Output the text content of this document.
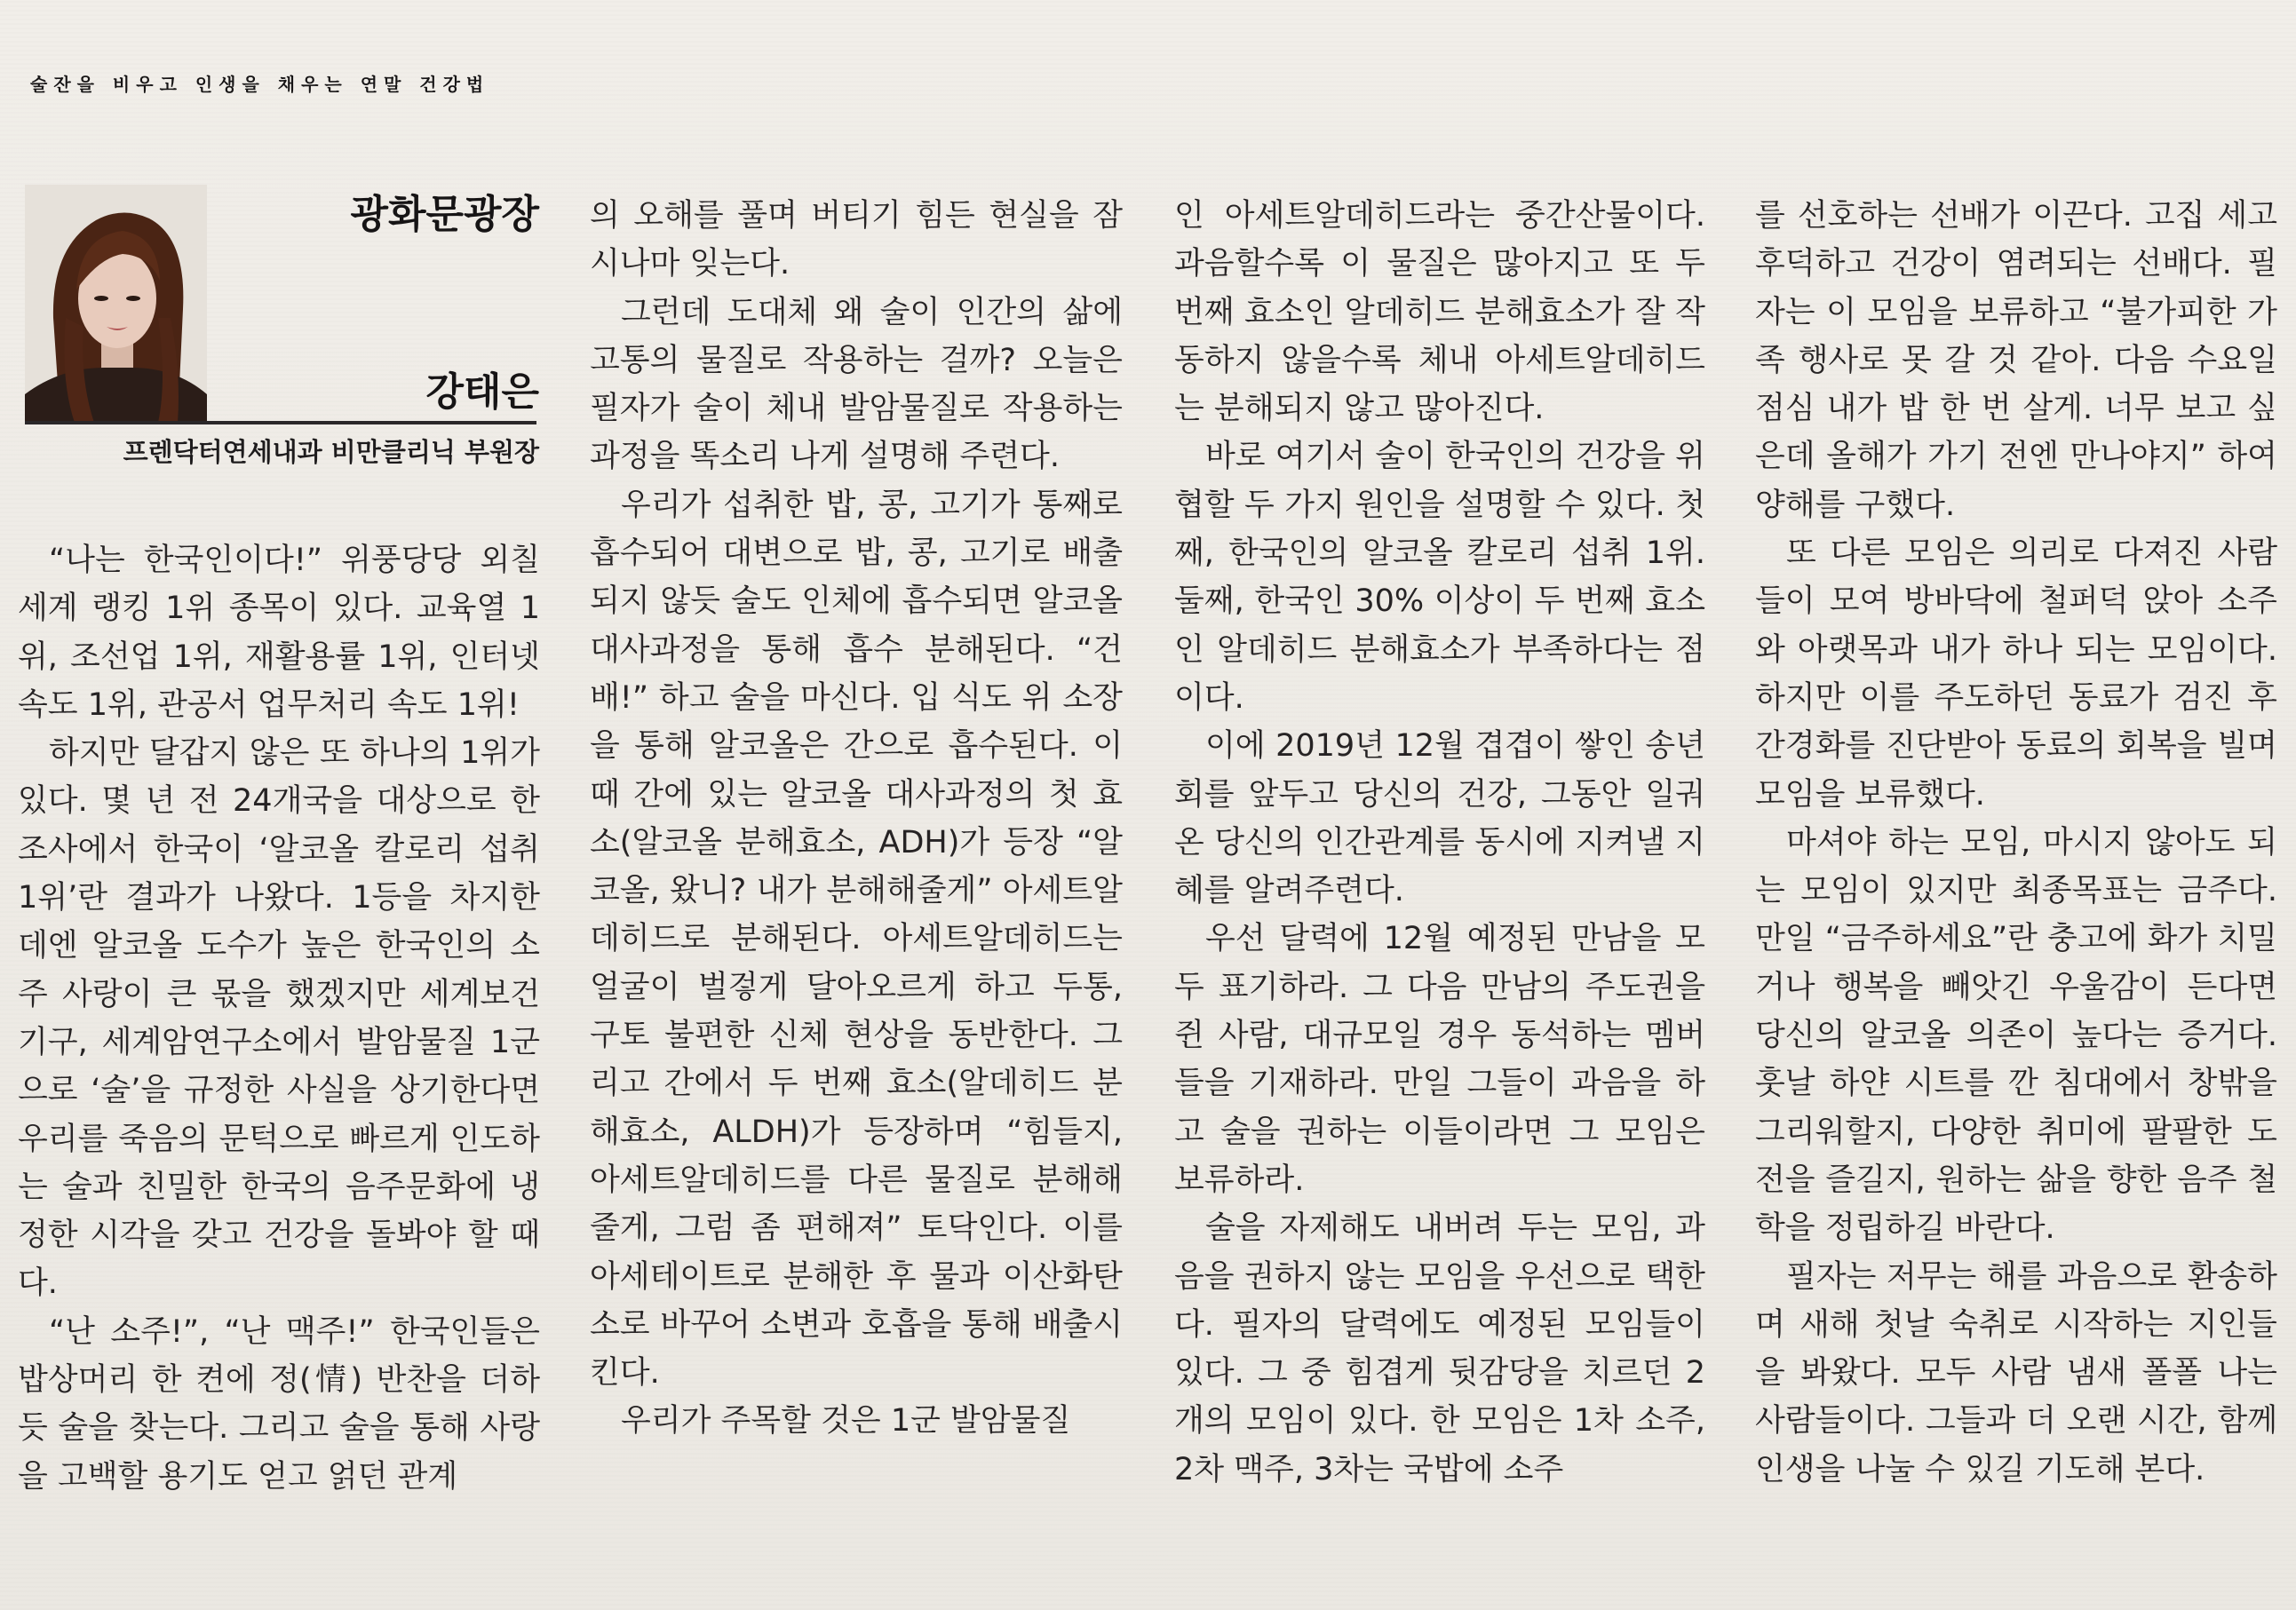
술잔을 비우고 인생을 채우는 연말 건강법
광화문광장
강태은
프렌닥터연세내과 비만클리닉 부원장

“나는 한국인이다!” 위풍당당 외칠 세계 랭킹 1위 종목이 있다. 교육열 1위, 조선업 1위, 재활용률 1위, 인터넷 속도 1위, 관공서 업무처리 속도 1위!

하지만 달갑지 않은 또 하나의 1위가 있다. 몇 년 전 24개국을 대상으로 한 조사에서 한국이 ‘알코올 칼로리 섭취 1위’란 결과가 나왔다. 1등을 차지한 데엔 알코올 도수가 높은 한국인의 소주 사랑이 큰 몫을 했겠지만 세계보건기구, 세계암연구소에서 발암물질 1군으로 ‘술’을 규정한 사실을 상기한다면 우리를 죽음의 문턱으로 빠르게 인도하는 술과 친밀한 한국의 음주문화에 냉정한 시각을 갖고 건강을 돌봐야 할 때다.

“난 소주!”, “난 맥주!” 한국인들은 밥상머리 한 켠에 정(情) 반찬을 더하듯 술을 찾는다. 그리고 술을 통해 사랑을 고백할 용기도 얻고 얽던 관계

의 오해를 풀며 버티기 힘든 현실을 잠시나마 잊는다.

그런데 도대체 왜 술이 인간의 삶에 고통의 물질로 작용하는 걸까? 오늘은 필자가 술이 체내 발암물질로 작용하는 과정을 똑소리 나게 설명해 주련다.

우리가 섭취한 밥, 콩, 고기가 통째로 흡수되어 대변으로 밥, 콩, 고기로 배출되지 않듯 술도 인체에 흡수되면 알코올 대사과정을 통해 흡수 분해된다. “건배!” 하고 술을 마신다. 입 식도 위 소장을 통해 알코올은 간으로 흡수된다. 이 때 간에 있는 알코올 대사과정의 첫 효소(알코올 분해효소, ADH)가 등장 “알코올, 왔니? 내가 분해해줄게” 아세트알데히드로 분해된다. 아세트알데히드는 얼굴이 벌겋게 달아오르게 하고 두통, 구토 불편한 신체 현상을 동반한다. 그리고 간에서 두 번째 효소(알데히드 분해효소, ALDH)가 등장하며 “힘들지, 아세트알데히드를 다른 물질로 분해해줄게, 그럼 좀 편해져” 토닥인다. 이를 아세테이트로 분해한 후 물과 이산화탄소로 바꾸어 소변과 호흡을 통해 배출시킨다.

우리가 주목할 것은 1군 발암물질

인 아세트알데히드라는 중간산물이다. 과음할수록 이 물질은 많아지고 또 두 번째 효소인 알데히드 분해효소가 잘 작동하지 않을수록 체내 아세트알데히드는 분해되지 않고 많아진다.

바로 여기서 술이 한국인의 건강을 위협할 두 가지 원인을 설명할 수 있다. 첫째, 한국인의 알코올 칼로리 섭취 1위. 둘째, 한국인 30% 이상이 두 번째 효소인 알데히드 분해효소가 부족하다는 점이다.

이에 2019년 12월 겹겹이 쌓인 송년회를 앞두고 당신의 건강, 그동안 일궈온 당신의 인간관계를 동시에 지켜낼 지혜를 알려주련다.

우선 달력에 12월 예정된 만남을 모두 표기하라. 그 다음 만남의 주도권을 쥔 사람, 대규모일 경우 동석하는 멤버들을 기재하라. 만일 그들이 과음을 하고 술을 권하는 이들이라면 그 모임은 보류하라.

술을 자제해도 내버려 두는 모임, 과음을 권하지 않는 모임을 우선으로 택한다. 필자의 달력에도 예정된 모임들이 있다. 그 중 힘겹게 뒷감당을 치르던 2개의 모임이 있다. 한 모임은 1차 소주, 2차 맥주, 3차는 국밥에 소주

를 선호하는 선배가 이끈다. 고집 세고 후덕하고 건강이 염려되는 선배다. 필자는 이 모임을 보류하고 “불가피한 가족 행사로 못 갈 것 같아. 다음 수요일 점심 내가 밥 한 번 살게. 너무 보고 싶은데 올해가 가기 전엔 만나야지” 하여 양해를 구했다.

또 다른 모임은 의리로 다져진 사람들이 모여 방바닥에 철퍼덕 앉아 소주와 아랫목과 내가 하나 되는 모임이다. 하지만 이를 주도하던 동료가 검진 후 간경화를 진단받아 동료의 회복을 빌며 모임을 보류했다.

마셔야 하는 모임, 마시지 않아도 되는 모임이 있지만 최종목표는 금주다. 만일 “금주하세요”란 충고에 화가 치밀거나 행복을 빼앗긴 우울감이 든다면 당신의 알코올 의존이 높다는 증거다. 훗날 하얀 시트를 깐 침대에서 창밖을 그리워할지, 다양한 취미에 팔팔한 도전을 즐길지, 원하는 삶을 향한 음주 철학을 정립하길 바란다.

필자는 저무는 해를 과음으로 환송하며 새해 첫날 숙취로 시작하는 지인들을 봐왔다. 모두 사람 냄새 폴폴 나는 사람들이다. 그들과 더 오랜 시간, 함께 인생을 나눌 수 있길 기도해 본다.
